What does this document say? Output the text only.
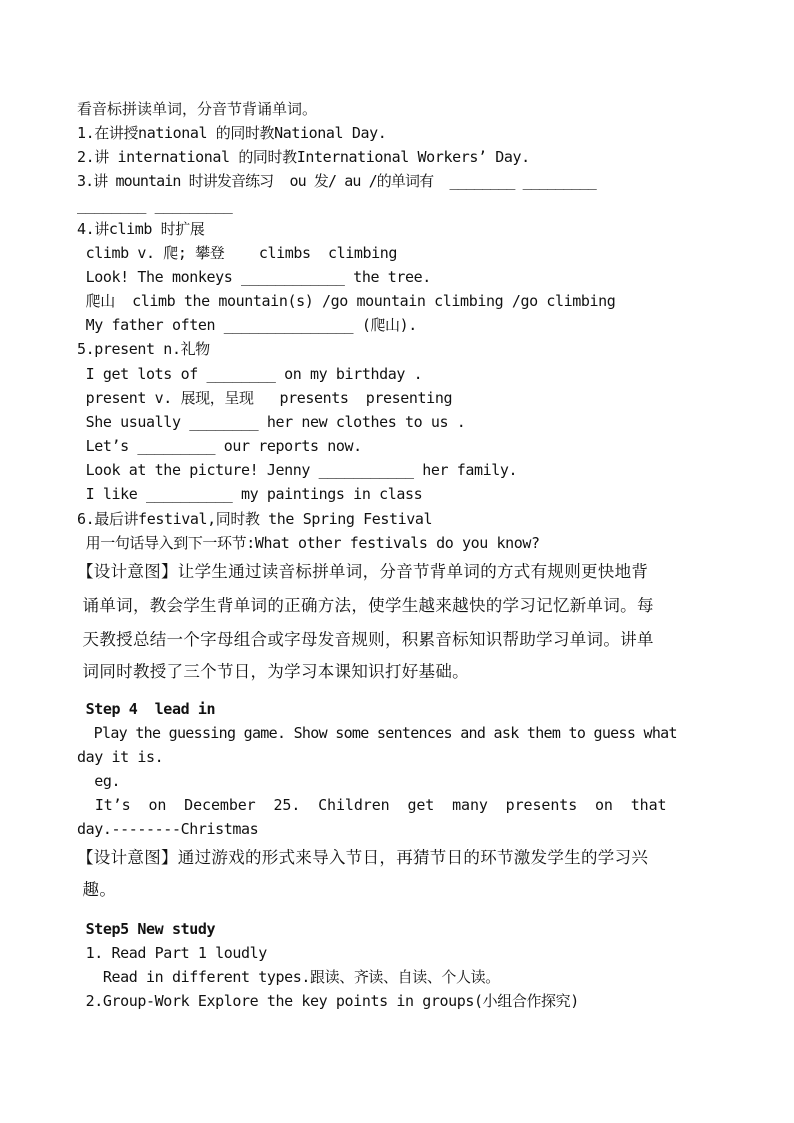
看音标拼读单词，分音节背诵单词。
1.在讲授national 的同时教National Day.
2.讲 international 的同时教International Workers’ Day.
3.讲 mountain 时讲发音练习  ou 发/ au /的单词有  ________ _________
________ _________
4.讲climb 时扩展
climb v. 爬; 攀登    climbs  climbing
Look! The monkeys ____________ the tree.
爬山  climb the mountain(s) /go mountain climbing /go climbing
My father often _______________ (爬山).
5.present n.礼物
I get lots of ________ on my birthday .
present v. 展现，呈现   presents  presenting
She usually ________ her new clothes to us .
Let’s _________ our reports now.
Look at the picture! Jenny ___________ her family.
I like __________ my paintings in class
6.最后讲festival,同时教 the Spring Festival
用一句话导入到下一环节:What other festivals do you know?
【设计意图】让学生通过读音标拼单词，分音节背单词的方式有规则更快地背
诵单词，教会学生背单词的正确方法，使学生越来越快的学习记忆新单词。每
天教授总结一个字母组合或字母发音规则，积累音标知识帮助学习单词。讲单
词同时教授了三个节日，为学习本课知识打好基础。
Step 4  lead in
Play the guessing game. Show some sentences and ask them to guess what
day it is.
eg.
It’s  on  December  25.  Children  get  many  presents  on  that
day.--------Christmas
【设计意图】通过游戏的形式来导入节日，再猜节日的环节激发学生的学习兴
趣。
Step5 New study
1. Read Part 1 loudly
Read in different types.跟读、齐读、自读、个人读。
2.Group-Work Explore the key points in groups(小组合作探究)
